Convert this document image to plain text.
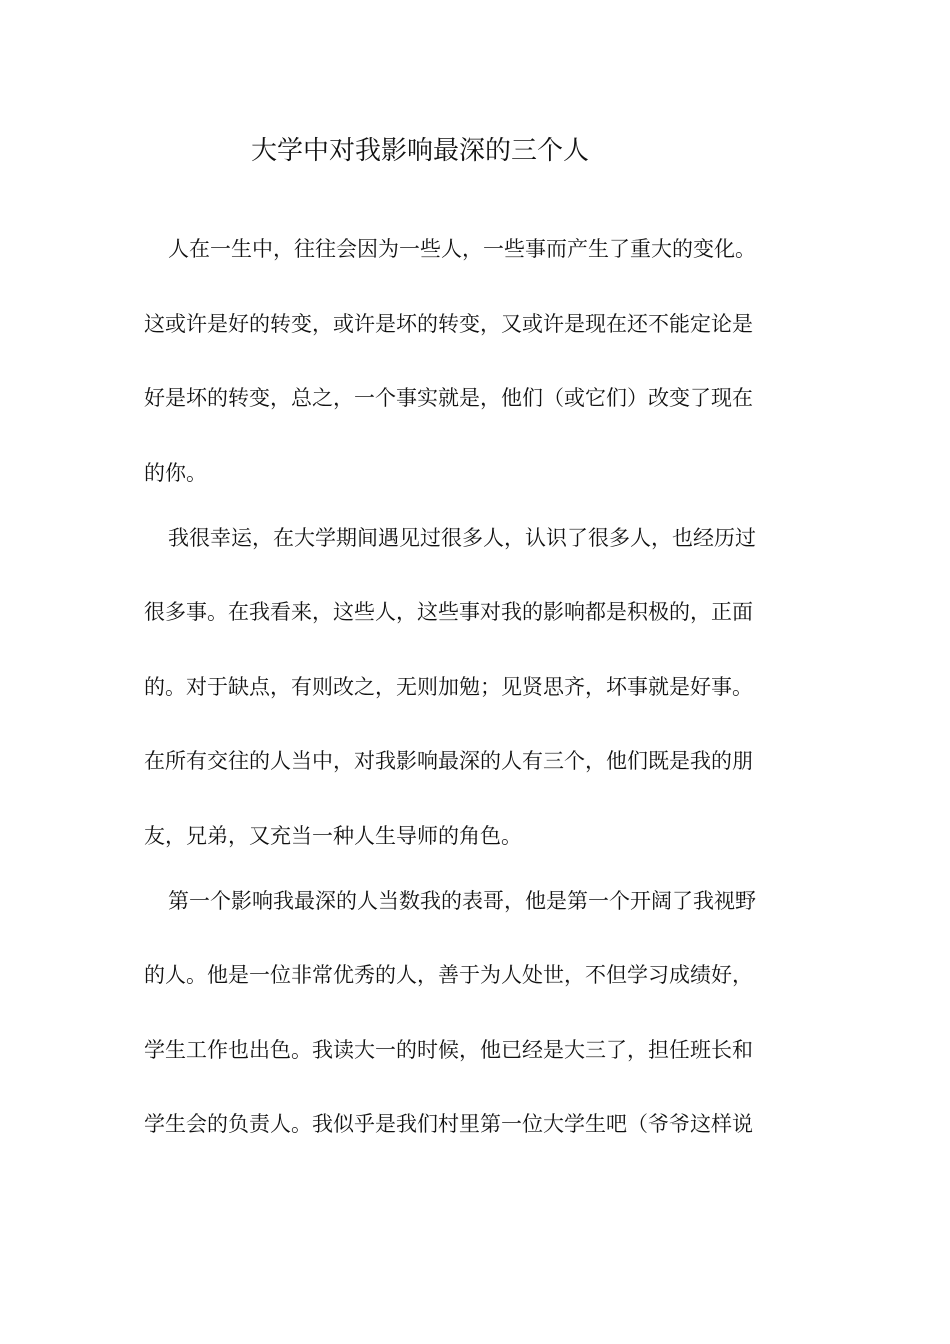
大学中对我影响最深的三个人
人在一生中，往往会因为一些人，一些事而产生了重大的变化。
这或许是好的转变，或许是坏的转变，又或许是现在还不能定论是
好是坏的转变，总之，一个事实就是，他们（或它们）改变了现在
的你。
我很幸运，在大学期间遇见过很多人，认识了很多人，也经历过
很多事。在我看来，这些人，这些事对我的影响都是积极的，正面
的。对于缺点，有则改之，无则加勉；见贤思齐，坏事就是好事。
在所有交往的人当中，对我影响最深的人有三个，他们既是我的朋
友，兄弟，又充当一种人生导师的角色。
第一个影响我最深的人当数我的表哥，他是第一个开阔了我视野
的人。他是一位非常优秀的人，善于为人处世，不但学习成绩好，
学生工作也出色。我读大一的时候，他已经是大三了，担任班长和
学生会的负责人。我似乎是我们村里第一位大学生吧（爷爷这样说
